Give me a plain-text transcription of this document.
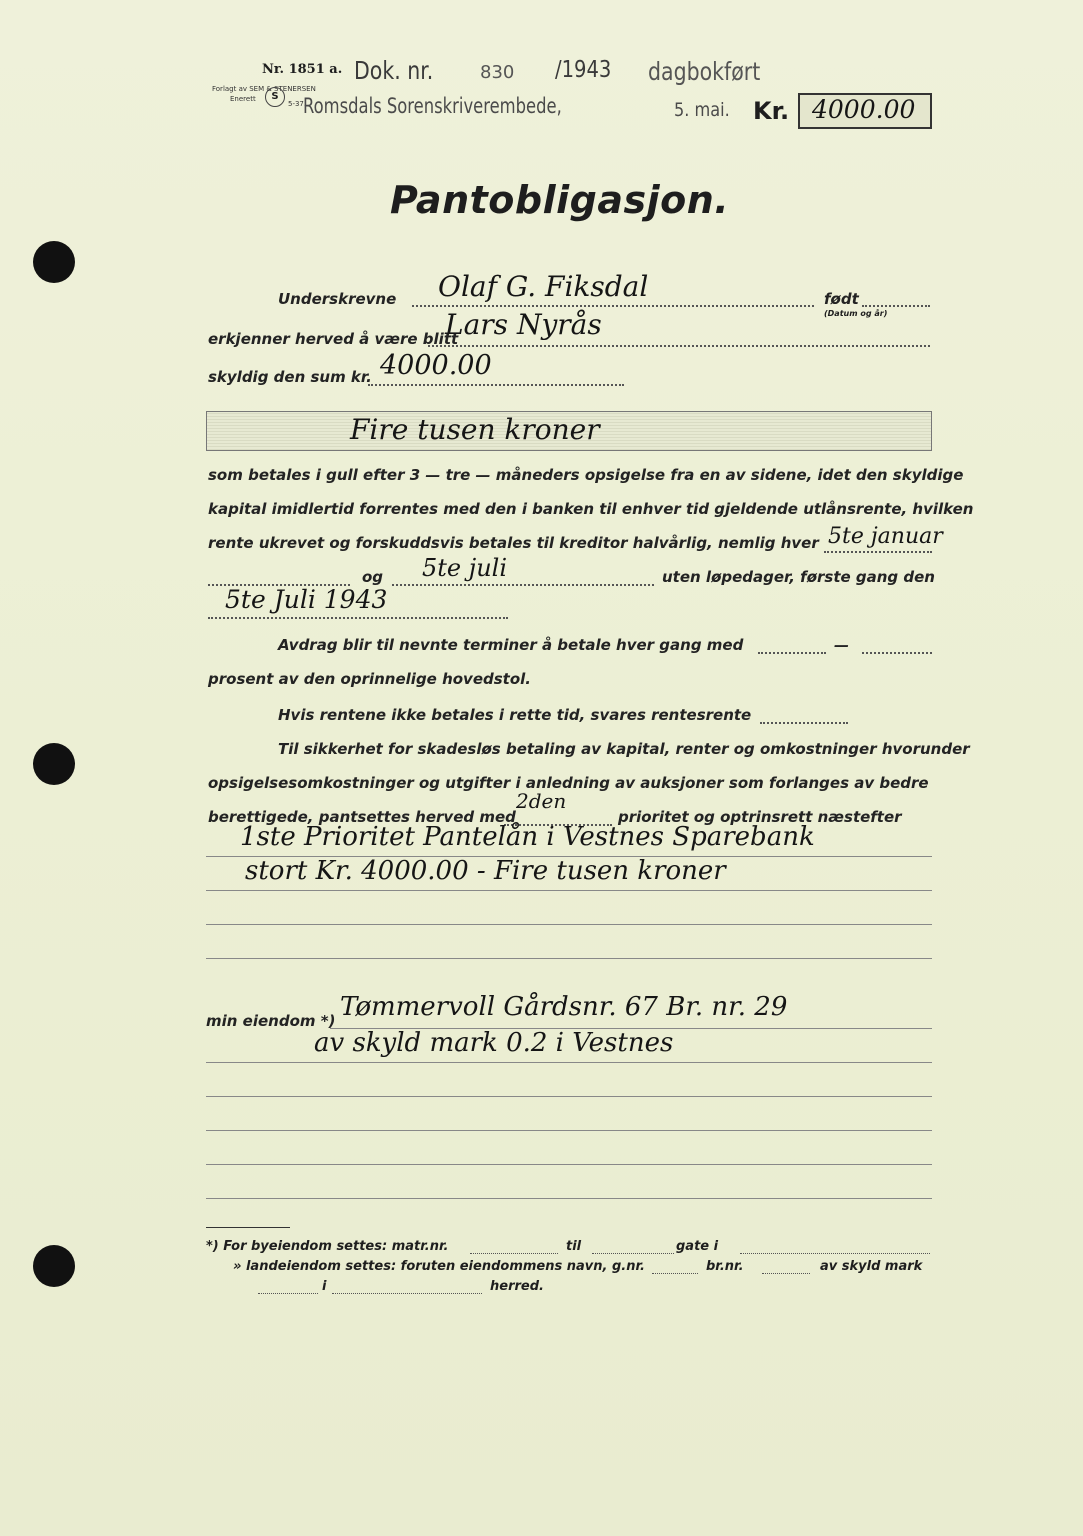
Nr. 1851 a.
Forlagt av SEM & STENERSEN
Enerett	S
5-37.
Dok. nr.	830 /1943 dagbokført
Romsdals Sorenskriverembede,	5. mai. Kr. 4000.00
Pantobligasjon.
Underskrevne Olaf G. Fiksdal	født
(Datum og år)
erkjenner herved å være blitt
Lars Nyrås
skyldig den sum kr. 4000.00
Fire tusen kroner
som betales i gull efter 3 — tre — måneders opsigelse fra en av sidene, idet den skyldige
kapital imidlertid forrentes med den i banken til enhver tid gjeldende utlånsrente, hvilken
rente ukrevet og forskuddsvis betales til kreditor halvårlig, nemlig hver 5te januar
og 5te juli	uten løpedager, første gang den
5te Juli 1943
Avdrag blir til nevnte terminer å betale hver gang med	—
prosent av den oprinnelige hovedstol.
Hvis rentene ikke betales i rette tid, svares rentesrente
Til sikkerhet for skadesløs betaling av kapital, renter og omkostninger hvorunder
opsigelsesomkostninger og utgifter i anledning av auksjoner som forlanges av bedre
berettigede, pantsettes herved med
2den
prioritet og optrinsrett næstefter
1ste Prioritet Pantelån i Vestnes Sparebank
stort Kr. 4000.00 - Fire tusen kroner
min eiendom *) Tømmervoll Gårdsnr. 67 Br. nr. 29
av skyld mark 0.2 i Vestnes
*) For byeiendom settes: matr.nr.	til	gate i
» landeiendom settes: foruten eiendommens navn, g.nr.	br.nr.	av skyld mark
i	herred.
